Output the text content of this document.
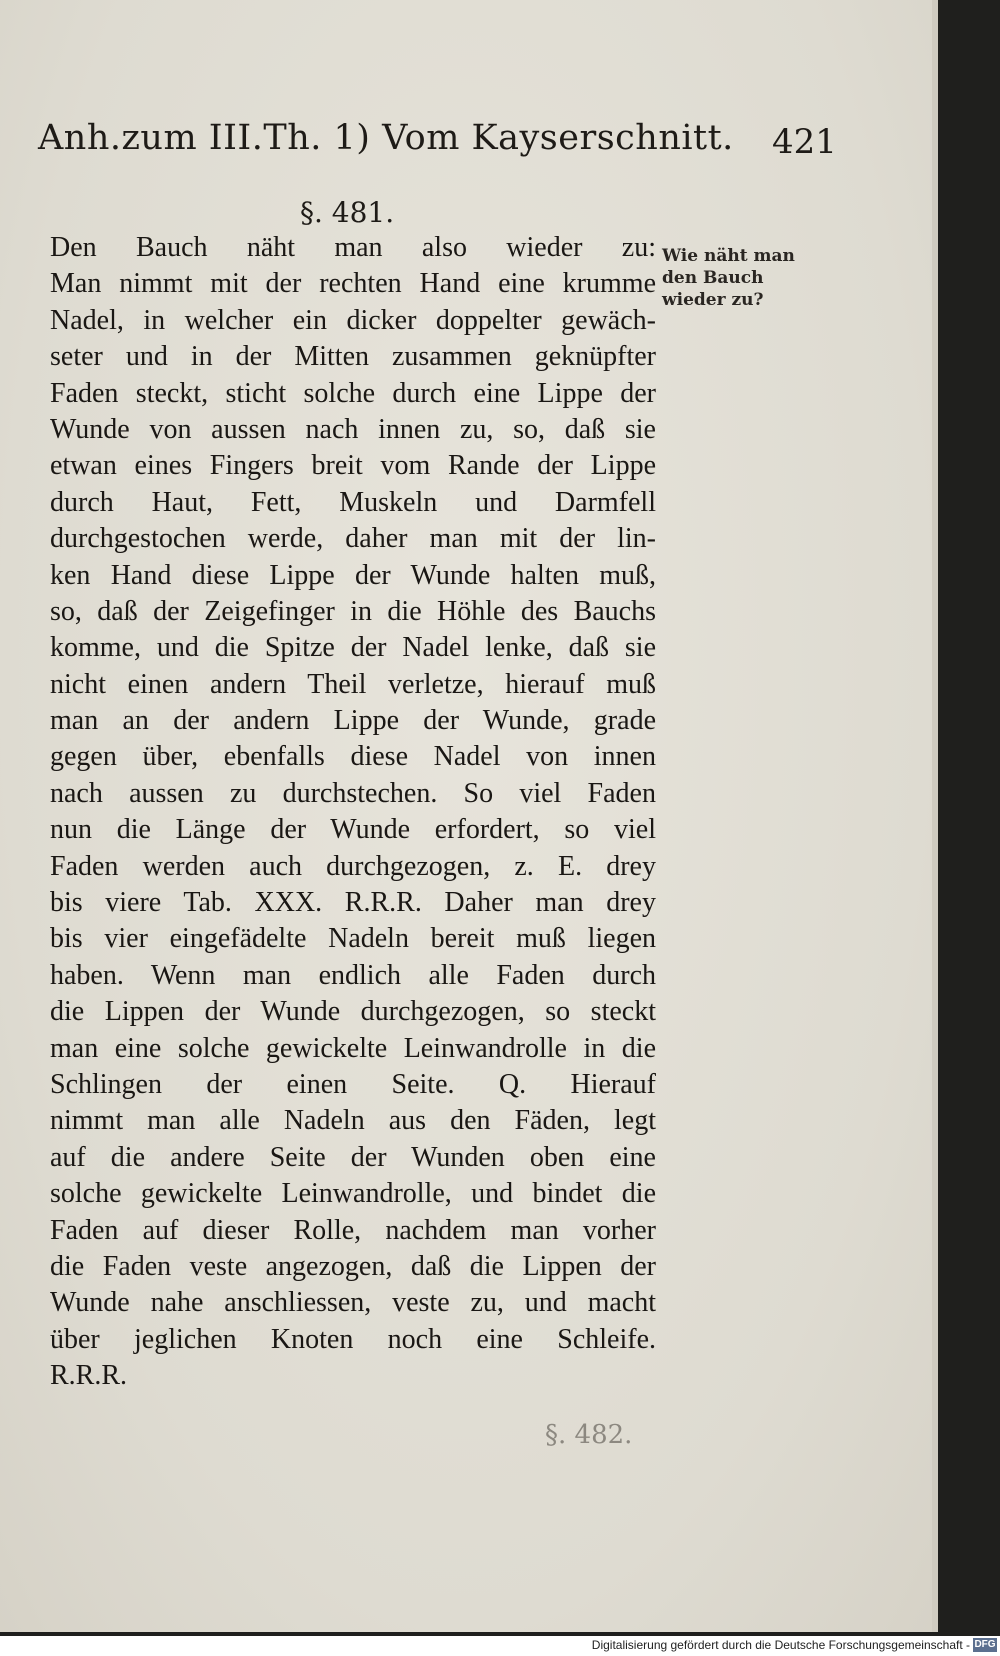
Anh.zum III.Th. 1) Vom Kayserschnitt.	421
§. 481.
Wie näht man den Bauch wieder zu?
Den Bauch näht man also wieder zu:
Man nimmt mit der rechten Hand eine krumme
Nadel, in welcher ein dicker doppelter gewäch-
seter und in der Mitten zusammen geknüpfter
Faden steckt, sticht solche durch eine Lippe der
Wunde von aussen nach innen zu, so, daß sie
etwan eines Fingers breit vom Rande der Lippe
durch Haut, Fett, Muskeln und Darmfell
durchgestochen werde, daher man mit der lin-
ken Hand diese Lippe der Wunde halten muß,
so, daß der Zeigefinger in die Höhle des Bauchs
komme, und die Spitze der Nadel lenke, daß sie
nicht einen andern Theil verletze, hierauf muß
man an der andern Lippe der Wunde, grade
gegen über, ebenfalls diese Nadel von innen
nach aussen zu durchstechen. So viel Faden
nun die Länge der Wunde erfordert, so viel
Faden werden auch durchgezogen, z. E. drey
bis viere Tab. XXX. R.R.R. Daher man drey
bis vier eingefädelte Nadeln bereit muß liegen
haben. Wenn man endlich alle Faden durch
die Lippen der Wunde durchgezogen, so steckt
man eine solche gewickelte Leinwandrolle in die
Schlingen der einen Seite. Q. Hierauf
nimmt man alle Nadeln aus den Fäden, legt
auf die andere Seite der Wunden oben eine
solche gewickelte Leinwandrolle, und bindet die
Faden auf dieser Rolle, nachdem man vorher
die Faden veste angezogen, daß die Lippen der
Wunde nahe anschliessen, veste zu, und macht
über jeglichen Knoten noch eine Schleife.
R.R.R.
§. 482.
Digitalisierung gefördert durch die Deutsche Forschungsgemeinschaft - DFG
